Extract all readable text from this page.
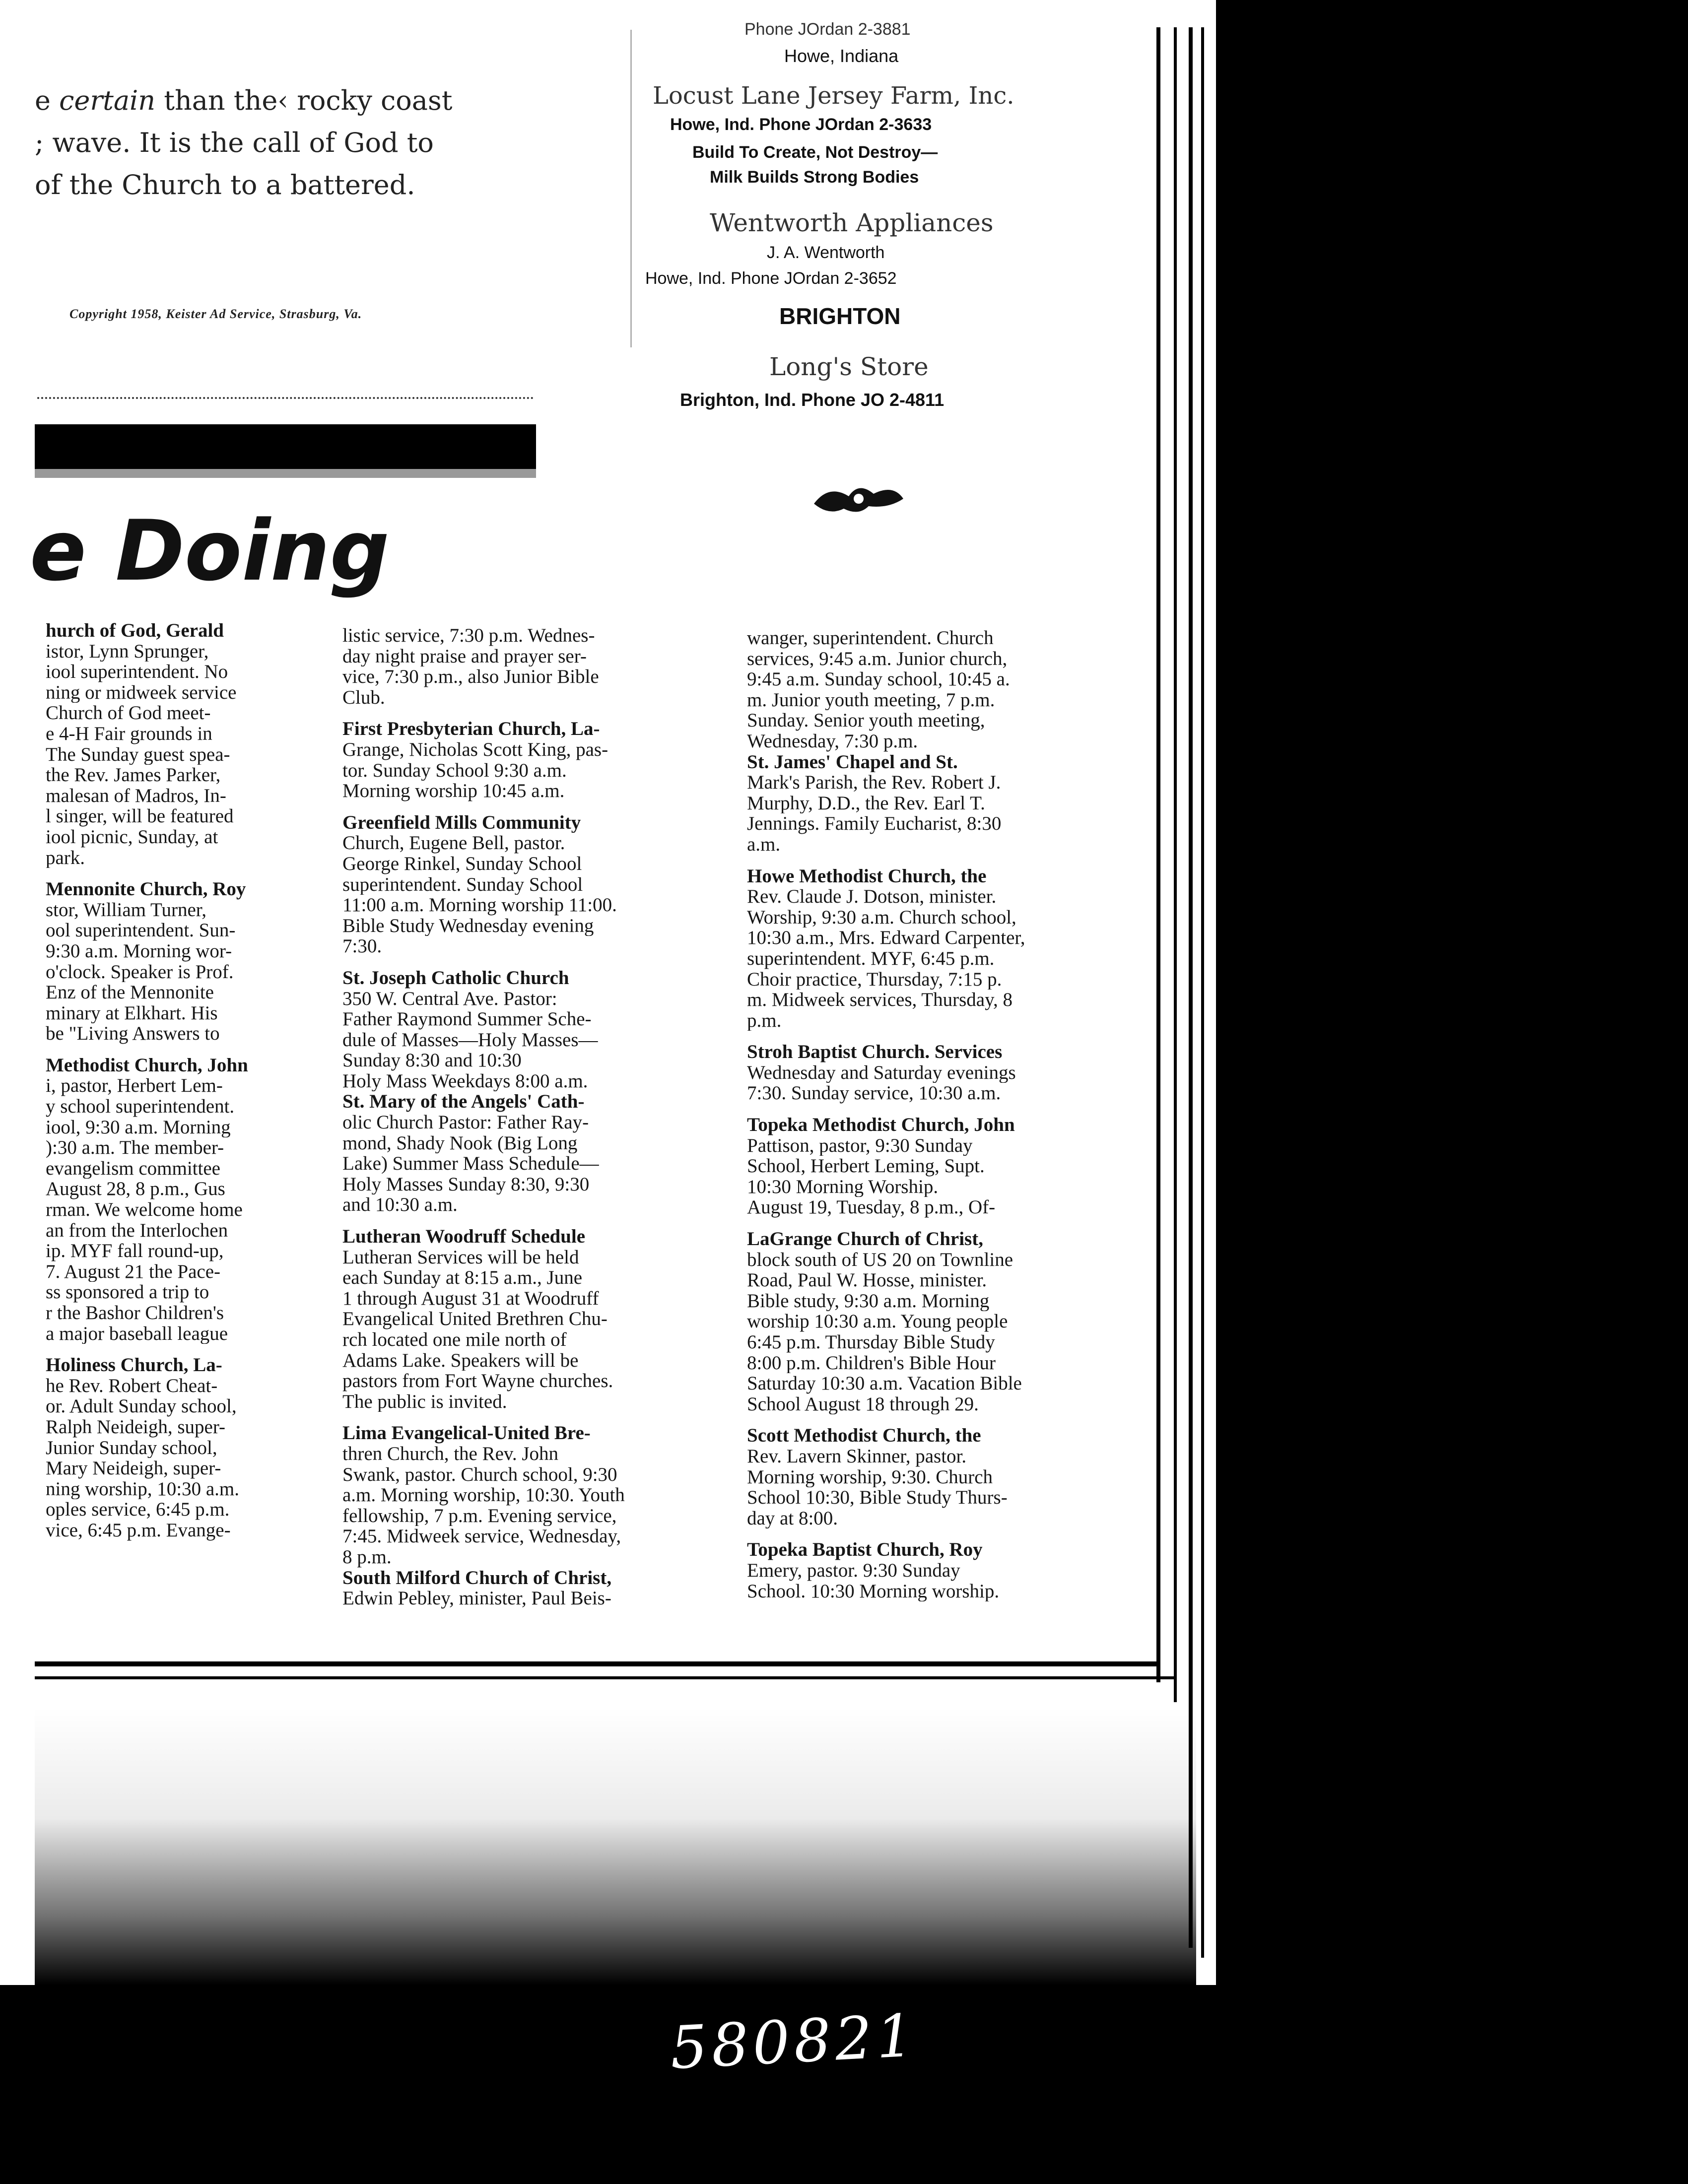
e certain than the‹ rocky coast

; wave. It is the call of God to

of the Church to a battered.

Copyright 1958, Keister Ad Service, Strasburg, Va.
Phone JOrdan 2-3881
Howe, Indiana
Locust Lane Jersey Farm, Inc.
Howe, Ind. Phone JOrdan 2-3633
Build To Create, Not Destroy—
Milk Builds Strong Bodies
Wentworth Appliances
J. A. Wentworth
Howe, Ind. Phone JOrdan 2-3652
BRIGHTON
Long's Store
Brighton, Ind. Phone JO 2-4811
e Doing

hurch of God, Gerald

istor, Lynn Sprunger,

iool superintendent. No

ning or midweek service

Church of God meet-

e 4-H Fair grounds in

The Sunday guest spea-

the Rev. James Parker,

malesan of Madros, In-

l singer, will be featured

iool picnic, Sunday, at

park.

Mennonite Church, Roy

stor, William Turner,

ool superintendent. Sun-

9:30 a.m. Morning wor-

o'clock. Speaker is Prof.

Enz of the Mennonite

minary at Elkhart. His

be "Living Answers to

Methodist Church, John

i, pastor, Herbert Lem-

y school superintendent.

iool, 9:30 a.m. Morning

):30 a.m. The member-

evangelism committee

August 28, 8 p.m., Gus

rman. We welcome home

an from the Interlochen

ip. MYF fall round-up,

7. August 21 the Pace-

ss sponsored a trip to

r the Bashor Children's

a major baseball league

Holiness Church, La-

he Rev. Robert Cheat-

or. Adult Sunday school,

Ralph Neideigh, super-

Junior Sunday school,

Mary Neideigh, super-

ning worship, 10:30 a.m.

oples service, 6:45 p.m.

vice, 6:45 p.m. Evange-

listic service, 7:30 p.m. Wednes-

day night praise and prayer ser-

vice, 7:30 p.m., also Junior Bible

Club.

First Presbyterian Church, La-

Grange, Nicholas Scott King, pas-

tor. Sunday School 9:30 a.m.

Morning worship 10:45 a.m.

Greenfield Mills Community

Church, Eugene Bell, pastor.

George Rinkel, Sunday School

superintendent. Sunday School

11:00 a.m. Morning worship 11:00.

Bible Study Wednesday evening

7:30.

St. Joseph Catholic Church

350 W. Central Ave. Pastor:

Father Raymond Summer Sche-

dule of Masses—Holy Masses—

Sunday 8:30 and 10:30

Holy Mass Weekdays 8:00 a.m.

St. Mary of the Angels' Cath-

olic Church Pastor: Father Ray-

mond, Shady Nook (Big Long

Lake) Summer Mass Schedule—

Holy Masses Sunday 8:30, 9:30

and 10:30 a.m.

Lutheran Woodruff Schedule

Lutheran Services will be held

each Sunday at 8:15 a.m., June

1 through August 31 at Woodruff

Evangelical United Brethren Chu-

rch located one mile north of

Adams Lake. Speakers will be

pastors from Fort Wayne churches.

The public is invited.

Lima Evangelical-United Bre-

thren Church, the Rev. John

Swank, pastor. Church school, 9:30

a.m. Morning worship, 10:30. Youth

fellowship, 7 p.m. Evening service,

7:45. Midweek service, Wednesday,

8 p.m.

South Milford Church of Christ,

Edwin Pebley, minister, Paul Beis-

wanger, superintendent. Church

services, 9:45 a.m. Junior church,

9:45 a.m. Sunday school, 10:45 a.

m. Junior youth meeting, 7 p.m.

Sunday. Senior youth meeting,

Wednesday, 7:30 p.m.

St. James' Chapel and St.

Mark's Parish, the Rev. Robert J.

Murphy, D.D., the Rev. Earl T.

Jennings. Family Eucharist, 8:30

a.m.

Howe Methodist Church, the

Rev. Claude J. Dotson, minister.

Worship, 9:30 a.m. Church school,

10:30 a.m., Mrs. Edward Carpenter,

superintendent. MYF, 6:45 p.m.

Choir practice, Thursday, 7:15 p.

m. Midweek services, Thursday, 8

p.m.

Stroh Baptist Church. Services

Wednesday and Saturday evenings

7:30. Sunday service, 10:30 a.m.

Topeka Methodist Church, John

Pattison, pastor, 9:30 Sunday

School, Herbert Leming, Supt.

10:30 Morning Worship.

August 19, Tuesday, 8 p.m., Of-

LaGrange Church of Christ,

block south of US 20 on Townline

Road, Paul W. Hosse, minister.

Bible study, 9:30 a.m. Morning

worship 10:30 a.m. Young people

6:45 p.m. Thursday Bible Study

8:00 p.m. Children's Bible Hour

Saturday 10:30 a.m. Vacation Bible

School August 18 through 29.

Scott Methodist Church, the

Rev. Lavern Skinner, pastor.

Morning worship, 9:30. Church

School 10:30, Bible Study Thurs-

day at 8:00.

Topeka Baptist Church, Roy

Emery, pastor. 9:30 Sunday

School. 10:30 Morning worship.

580821
